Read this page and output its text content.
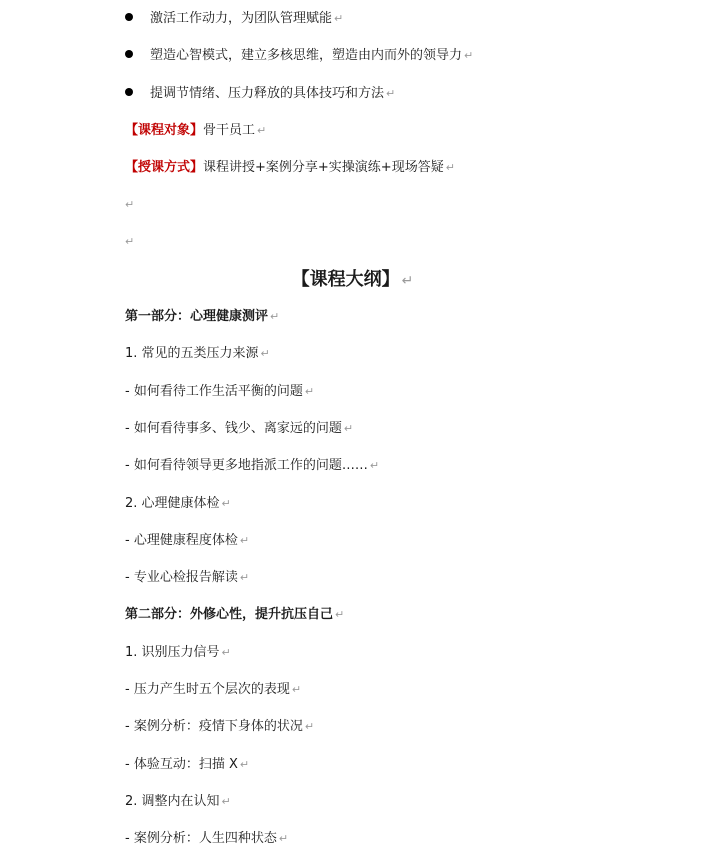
激活工作动力，为团队管理赋能 ↵
塑造心智模式，建立多核思维，塑造由内而外的领导力 ↵
提调节情绪、压力释放的具体技巧和方法 ↵
【课程对象】骨干员工 ↵
【授课方式】课程讲授+案例分享+实操演练+现场答疑 ↵
↵
↵
【课程大纲】 ↵
第一部分：心理健康测评 ↵
1. 常见的五类压力来源 ↵
- 如何看待工作生活平衡的问题 ↵
- 如何看待事多、钱少、离家远的问题 ↵
- 如何看待领导更多地指派工作的问题…… ↵
2. 心理健康体检 ↵
- 心理健康程度体检 ↵
- 专业心检报告解读 ↵
第二部分：外修心性，提升抗压自己 ↵
1. 识别压力信号 ↵
- 压力产生时五个层次的表现 ↵
- 案例分析：疫情下身体的状况 ↵
- 体验互动：扫描 X ↵
2. 调整内在认知 ↵
- 案例分析：人生四种状态 ↵
